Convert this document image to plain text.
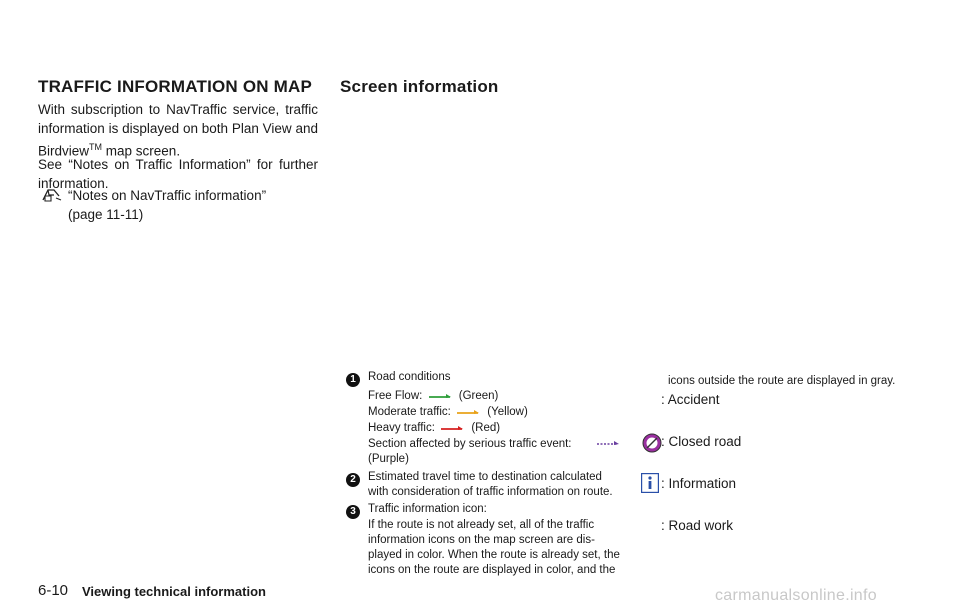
TRAFFIC INFORMATION ON MAP
With subscription to NavTraffic service, traffic information is displayed on both Plan View and Birdview™ map screen.
See “Notes on Traffic Information” for further information.
“Notes on NavTraffic information”
(page 11-11)
Screen information
1	Road conditions
Free Flow:	(Green)
Moderate traffic:	(Yellow)
Heavy traffic:	(Red)
Section affected by serious traffic event:
(Purple)
2	Estimated travel time to destination calculated
with consideration of traffic information on route.
3	Traffic information icon:
If the route is not already set, all of the traffic
information icons on the map screen are dis-
played in color. When the route is already set, the
icons on the route are displayed in color, and the
icons outside the route are displayed in gray.
: Accident
: Closed road
: Information
: Road work
6-10 Viewing technical information	carmanualsonline.info
